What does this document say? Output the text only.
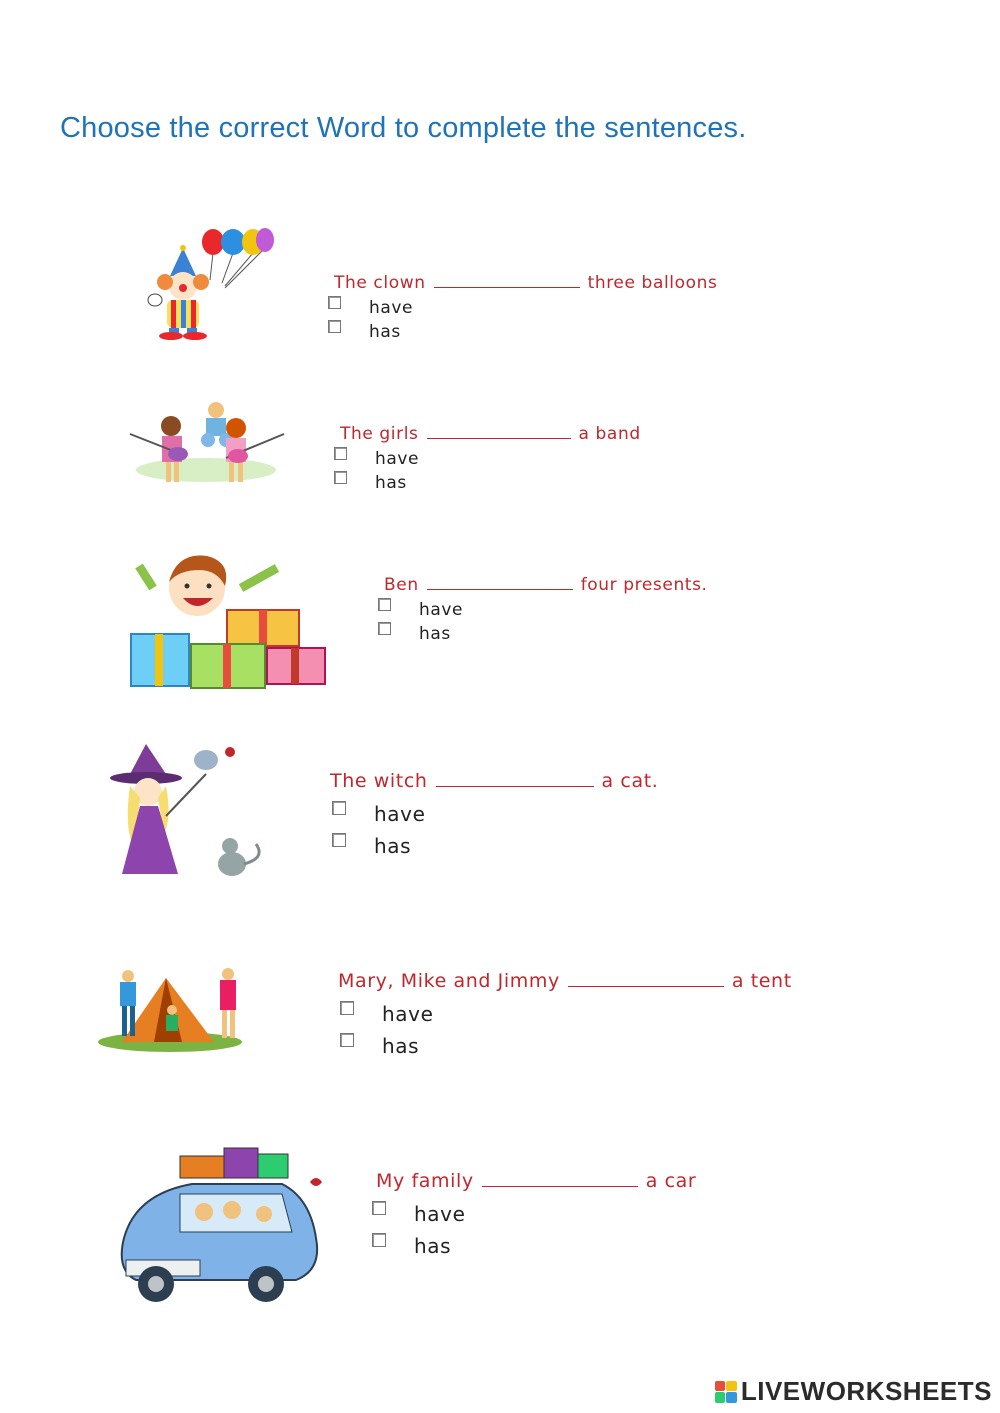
Choose the correct Word to complete the sentences.
The clown	three balloons
have
has
The girls	a band
have
has
Ben	four presents.
have
has
The witch	a cat.
have
has
Mary, Mike and Jimmy	a tent
have
has
My family	a car
have
has
LIVEWORKSHEETS
